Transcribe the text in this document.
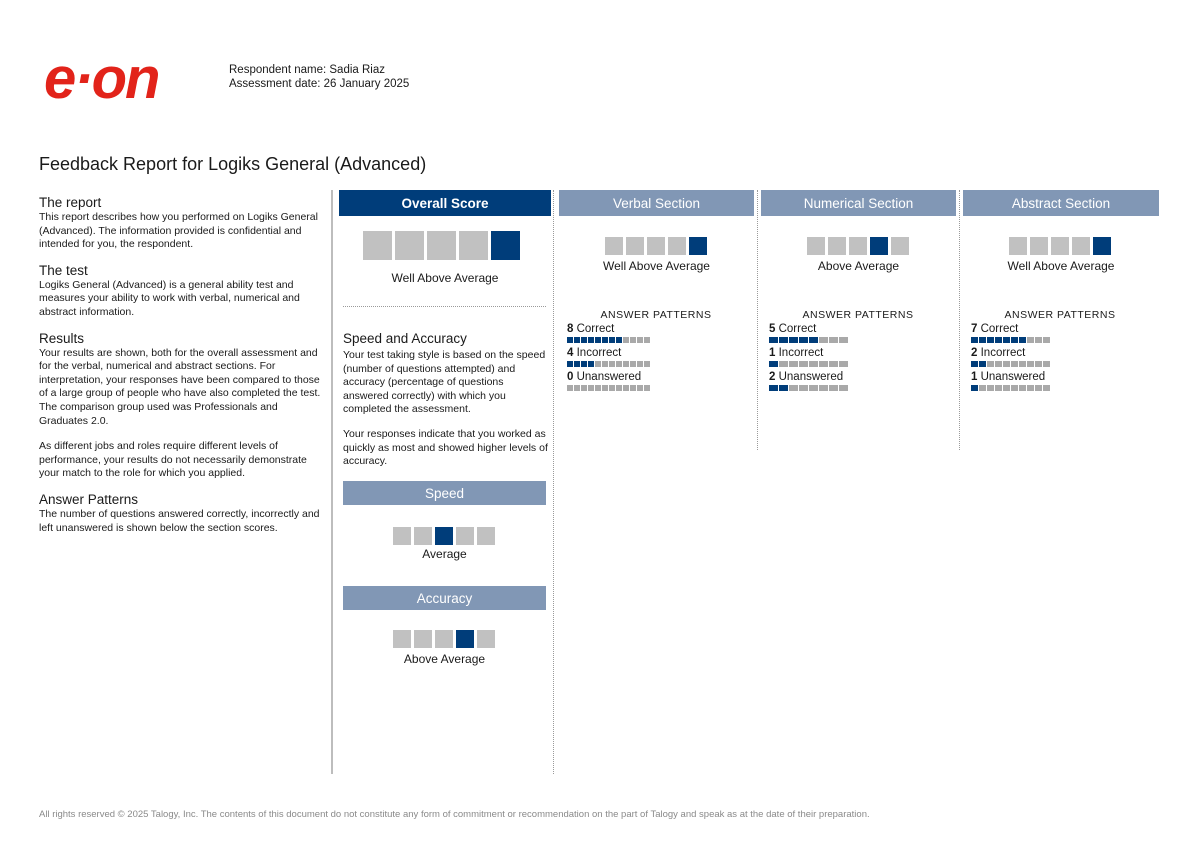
e·on	Respondent name: Sadia Riaz
Assessment date: 26 January 2025
Feedback Report for Logiks General (Advanced)
The report

This report describes how you performed on Logiks General (Advanced). The information provided is confidential and intended for you, the respondent.

The test

Logiks General (Advanced) is a general ability test and measures your ability to work with verbal, numerical and abstract information.

Results

Your results are shown, both for the overall assessment and for the verbal, numerical and abstract sections. For interpretation, your responses have been compared to those of a large group of people who have also completed the test. The comparison group used was Professionals and Graduates 2.0.

As different jobs and roles require different levels of performance, your results do not necessarily demonstrate your match to the role for which you applied.

Answer Patterns

The number of questions answered correctly, incorrectly and left unanswered is shown below the section scores.

Overall Score
Well Above Average
Speed and Accuracy

Your test taking style is based on the speed (number of questions attempted) and accuracy (percentage of questions answered correctly) with which you completed the assessment.

Your responses indicate that you worked as quickly as most and showed higher levels of accuracy.

Speed
Average
Accuracy
Above Average
Verbal Section
Well Above Average
ANSWER PATTERNS
8 Correct
4 Incorrect
0 Unanswered
Numerical Section
Above Average
ANSWER PATTERNS
5 Correct
1 Incorrect
2 Unanswered
Abstract Section
Well Above Average
ANSWER PATTERNS
7 Correct
2 Incorrect
1 Unanswered
All rights reserved © 2025 Talogy, Inc. The contents of this document do not constitute any form of commitment or recommendation on the part of Talogy and speak as at the date of their preparation.
